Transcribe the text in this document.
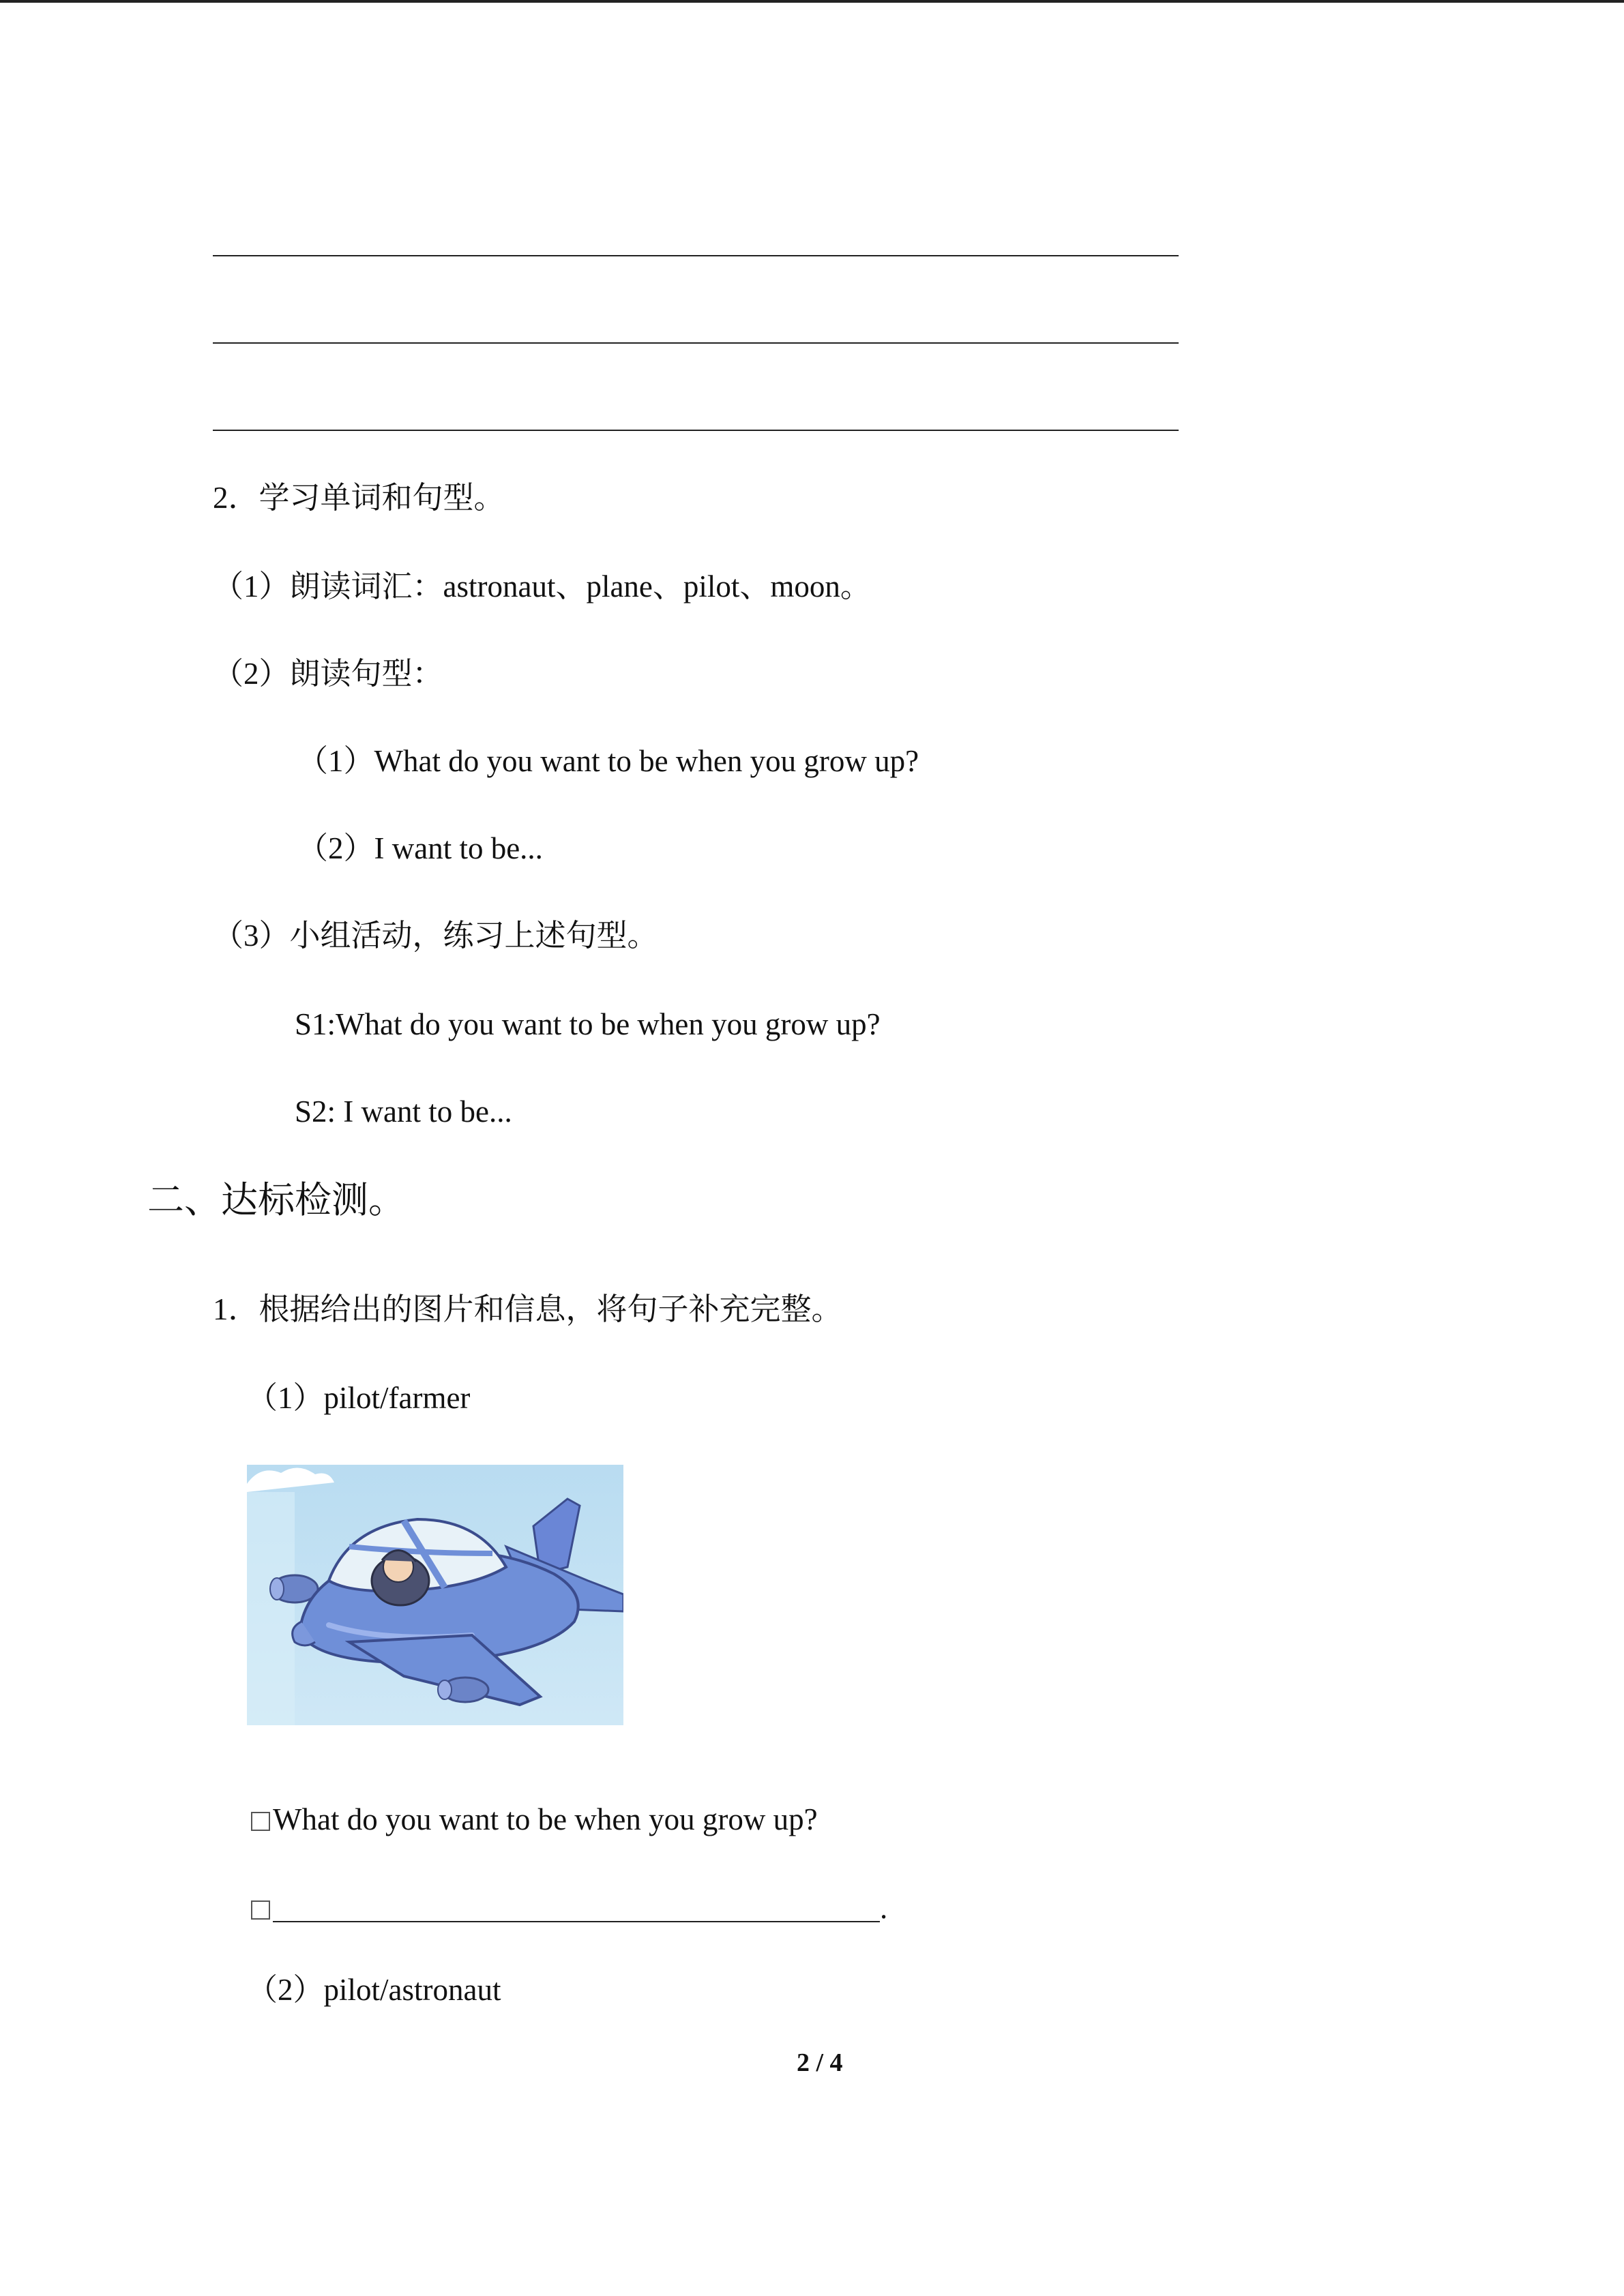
2．学习单词和句型。
（1）朗读词汇：astronaut、plane、pilot、moon。
（2）朗读句型：
（1）What do you want to be when you grow up?
（2）I want to be...
（3）小组活动，练习上述句型。
S1:What do you want to be when you grow up?
S2: I want to be...
二、达标检测。
1．根据给出的图片和信息，将句子补充完整。
（1）pilot/farmer
What do you want to be when you grow up?
.
（2）pilot/astronaut
2 / 4
